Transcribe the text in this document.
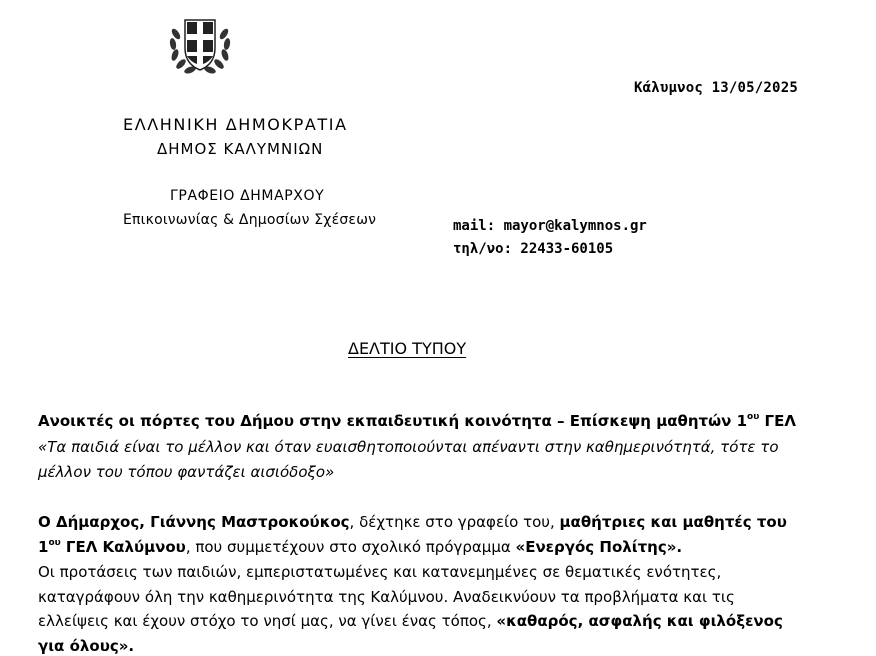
Κάλυμνος 13/05/2025
ΕΛΛΗΝΙΚΗ ΔΗΜΟΚΡΑΤΙΑ
ΔΗΜΟΣ ΚΑΛΥΜΝΙΩΝ
ΓΡΑΦΕΙΟ ΔΗΜΑΡΧΟΥ
Επικοινωνίας & Δημοσίων Σχέσεων	mail: mayor@kalymnos.gr
τηλ/νο: 22433-60105
ΔΕΛΤΙΟ ΤΥΠΟΥ
Ανοικτές οι πόρτες του Δήμου στην εκπαιδευτική κοινότητα – Επίσκεψη μαθητών $1^{o\upsilon}$ ΓΕΛ
«Τα παιδιά είναι το μέλλον και όταν ευαισθητοποιούνται απέναντι στην καθημερινότητά, τότε το
μέλλον του τόπου φαντάζει αισιόδοξο»
Ο Δήμαρχος, Γιάννης Μαστροκούκος, δέχτηκε στο γραφείο του, μαθήτριες και μαθητές του
$1^{o\upsilon}$ ΓΕΛ Καλύμνου, που συμμετέχουν στο σχολικό πρόγραμμα «Ενεργός Πολίτης».
Οι προτάσεις των παιδιών, εμπεριστατωμένες και κατανεμημένες σε θεματικές ενότητες,
καταγράφουν όλη την καθημερινότητα της Καλύμνου. Αναδεικνύουν τα προβλήματα και τις
ελλείψεις και έχουν στόχο το νησί μας, να γίνει ένας τόπος, «καθαρός, ασφαλής και φιλόξενος
για όλους».
